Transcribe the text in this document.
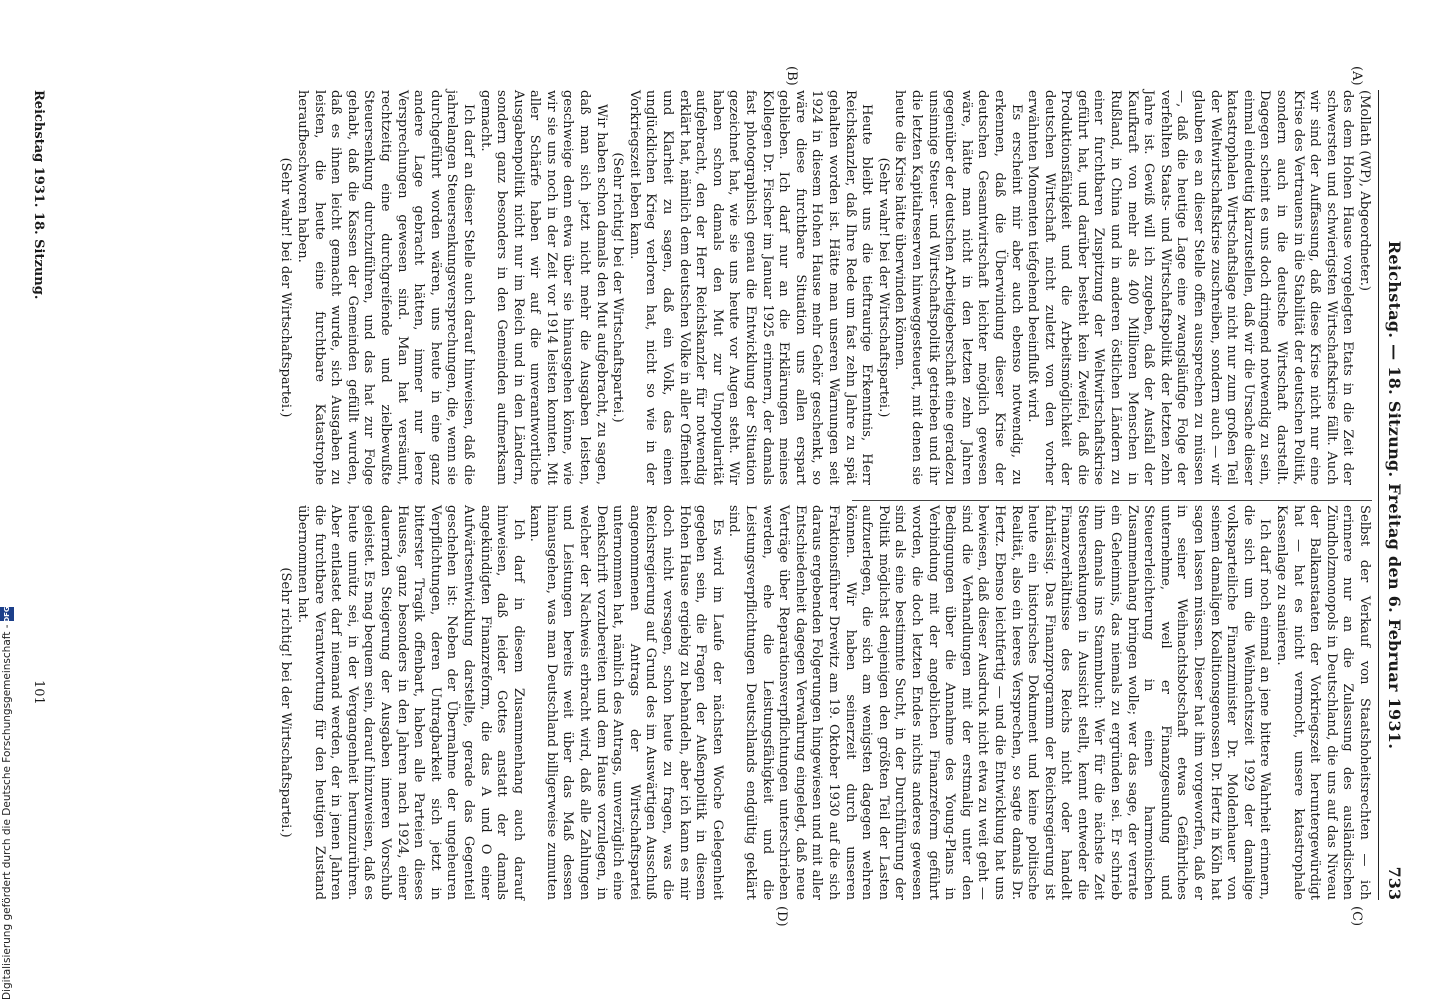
Reichstag. — 18. Sitzung. Freitag den 6. Februar 1931.
733
(A)
(B)
(C)
(D)

(Mollath (WP), Abgeordneter.)

des dem Hohen Hause vorgelegten Etats in die Zeit der schwersten und schwierigsten Wirtschaftskrise fällt. Auch wir sind der Auffassung, daß diese Krise nicht nur eine Krise des Vertrauens in die Stabilität der deutschen Politik, sondern auch in die deutsche Wirtschaft darstellt. Dagegen scheint es uns doch dringend notwendig zu sein, einmal eindeutig klarzustellen, daß wir die Ursache dieser katastrophalen Wirtschaftslage nicht nur zum großen Teil der Weltwirtschaftskrise zuschreiben, sondern auch — wir glauben es an dieser Stelle offen aussprechen zu müssen —, daß die heutige Lage eine zwangsläufige Folge der verfehlten Staats- und Wirtschaftspolitik der letzten zehn Jahre ist. Gewiß will ich zugeben, daß der Ausfall der Kaufkraft von mehr als 400 Millionen Menschen in Rußland, in China und in anderen östlichen Ländern zu einer furchtbaren Zuspitzung der Weltwirtschaftskrise geführt hat, und darüber besteht kein Zweifel, daß die Produktionsfähigkeit und die Arbeitsmöglichkeit der deutschen Wirtschaft nicht zuletzt von den vorher erwähnten Momenten tiefgehend beeinflußt wird.

Es erscheint mir aber auch ebenso notwendig, zu erkennen, daß die Überwindung dieser Krise der deutschen Gesamtwirtschaft leichter möglich gewesen wäre, hätte man nicht in den letzten zehn Jahren gegenüber der deutschen Arbeitgeberschaft eine geradezu unsinnige Steuer- und Wirtschaftspolitik getrieben und ihr die letzten Kapitalreserven hinweggesteuert, mit denen sie heute die Krise hätte überwinden können.

(Sehr wahr! bei der Wirtschaftspartei.)

Heute bleibt uns die tieftraurige Erkenntnis, Herr Reichskanzler, daß Ihre Rede um fast zehn Jahre zu spät gehalten worden ist. Hätte man unseren Warnungen seit 1924 in diesem Hohen Hause mehr Gehör geschenkt, so wäre diese furchtbare Situation uns allen erspart geblieben. Ich darf nur an die Erklärungen meines Kollegen Dr. Fischer im Januar 1925 erinnern, der damals fast photographisch genau die Entwicklung der Situation gezeichnet hat, wie sie uns heute vor Augen steht. Wir haben schon damals den Mut zur Unpopularität aufgebracht, den der Herr Reichskanzler für notwendig erklärt hat, nämlich dem deutschen Volke in aller Offenheit und Klarheit zu sagen, daß ein Volk, das einen unglücklichen Krieg verloren hat, nicht so wie in der Vorkriegszeit leben kann.

(Sehr richtig! bei der Wirtschaftspartei.)

Wir haben schon damals den Mut aufgebracht, zu sagen, daß man sich jetzt nicht mehr die Ausgaben leisten, geschweige denn etwa über sie hinausgehen könne, wie wir sie uns noch in der Zeit vor 1914 leisten konnten. Mit aller Schärfe haben wir auf die unverantwortliche Ausgabenpolitik nicht nur im Reich und in den Ländern, sondern ganz besonders in den Gemeinden aufmerksam gemacht.

Ich darf an dieser Stelle auch darauf hinweisen, daß die jahrelangen Steuersenkungsversprechungen, die, wenn sie durchgeführt worden wären, uns heute in eine ganz andere Lage gebracht hätten, immer nur leere Versprechungen gewesen sind. Man hat versäumt, rechtzeitig eine durchgreifende und zielbewußte Steuersenkung durchzuführen, und das hat zur Folge gehabt, daß die Kassen der Gemeinden gefüllt wurden, daß es ihnen leicht gemacht wurde, sich Ausgaben zu leisten, die heute eine furchtbare Katastrophe heraufbeschworen haben.

(Sehr wahr! bei der Wirtschaftspartei.)

Selbst der Verkauf von Staatshoheitsrechten — ich erinnere nur an die Zulassung des ausländischen Zündholzmonopols in Deutschland, die uns auf das Niveau der Balkanstaaten der Vorkriegszeit heruntergewürdigt hat — hat es nicht vermocht, unsere katastrophale Kassenlage zu sanieren.

Ich darf noch einmal an jene bittere Wahrheit erinnern, die sich um die Weihnachtszeit 1929 der damalige volksparteiliche Finanzminister Dr. Moldenhauer von seinem damaligen Koalitionsgenossen Dr. Hertz in Köln hat sagen lassen müssen. Dieser hat ihm vorgeworfen, daß er in seiner Weihnachtsbotschaft etwas Gefährliches unternehme, weil er Finanzgesundung und Steuererleichterung in einen harmonischen Zusammenhang bringen wolle; wer das sage, der verrate ein Geheimnis, das niemals zu ergründen sei. Er schrieb ihm damals ins Stammbuch: Wer für die nächste Zeit Steuersenkungen in Aussicht stellt, kennt entweder die Finanzverhältnisse des Reichs nicht oder handelt fahrlässig. Das Finanzprogramm der Reichsregierung ist heute ein historisches Dokument und keine politische Realität, also ein leeres Versprechen, so sagte damals Dr. Hertz. Ebenso leichtfertig — und die Entwicklung hat uns bewiesen, daß dieser Ausdruck nicht etwa zu weit geht — sind die Verhandlungen mit der erstmalig unter den Bedingungen über die Annahme des Young-Plans in Verbindung mit der angeblichen Finanzreform geführt worden, die doch letzten Endes nichts anderes gewesen sind als eine bestimmte Sucht, in der Durchführung der Politik möglichst denjenigen den größten Teil der Lasten aufzuerlegen, die sich am wenigsten dagegen wehren können. Wir haben seinerzeit durch unseren Fraktionsführer Drewitz am 19. Oktober 1930 auf die sich daraus ergebenden Folgerungen hingewiesen und mit aller Entschiedenheit dagegen Verwahrung eingelegt, daß neue Verträge über Reparationsverpflichtungen unterschrieben werden, ehe die Leistungsfähigkeit und die Leistungsverpflichtungen Deutschlands endgültig geklärt sind.

Es wird im Laufe der nächsten Woche Gelegenheit gegeben sein, die Fragen der Außenpolitik in diesem Hohen Hause ergiebig zu behandeln, aber ich kann es mir doch nicht versagen, schon heute zu fragen, was die Reichsregierung auf Grund des im Auswärtigen Ausschuß angenommenen Antrags der Wirtschaftspartei unternommen hat, nämlich des Antrags, unverzüglich eine Denkschrift vorzubereiten und dem Hause vorzulegen, in welcher der Nachweis erbracht wird, daß alle Zahlungen und Leistungen bereits weit über das Maß dessen hinausgehen, was man Deutschland billigerweise zumuten kann.

Ich darf in diesem Zusammenhang auch darauf hinweisen, daß leider Gottes anstatt der damals angekündigten Finanzreform, die das A und O einer Aufwärtsentwicklung darstellte, gerade das Gegenteil geschehen ist: Neben der Übernahme der ungeheuren Verpflichtungen, deren Untragbarkeit sich jetzt in bitterster Tragik offenbart, haben alle Parteien dieses Hauses, ganz besonders in den Jahren nach 1924, einer dauernden Steigerung der Ausgaben inneren Vorschub geleistet. Es mag bequem sein, darauf hinzuweisen, daß es heute unnütz sei, in der Vergangenheit herumzurühren. Aber entlastet darf niemand werden, der in jenen Jahren die furchtbare Verantwortung für den heutigen Zustand übernommen hat.

(Sehr richtig! bei der Wirtschaftspartei.)

Reichstag 1931. 18. Sitzung.
101
Digitalisierung gefördert durch die Deutsche Forschungsgemeinschaft -
DFG
